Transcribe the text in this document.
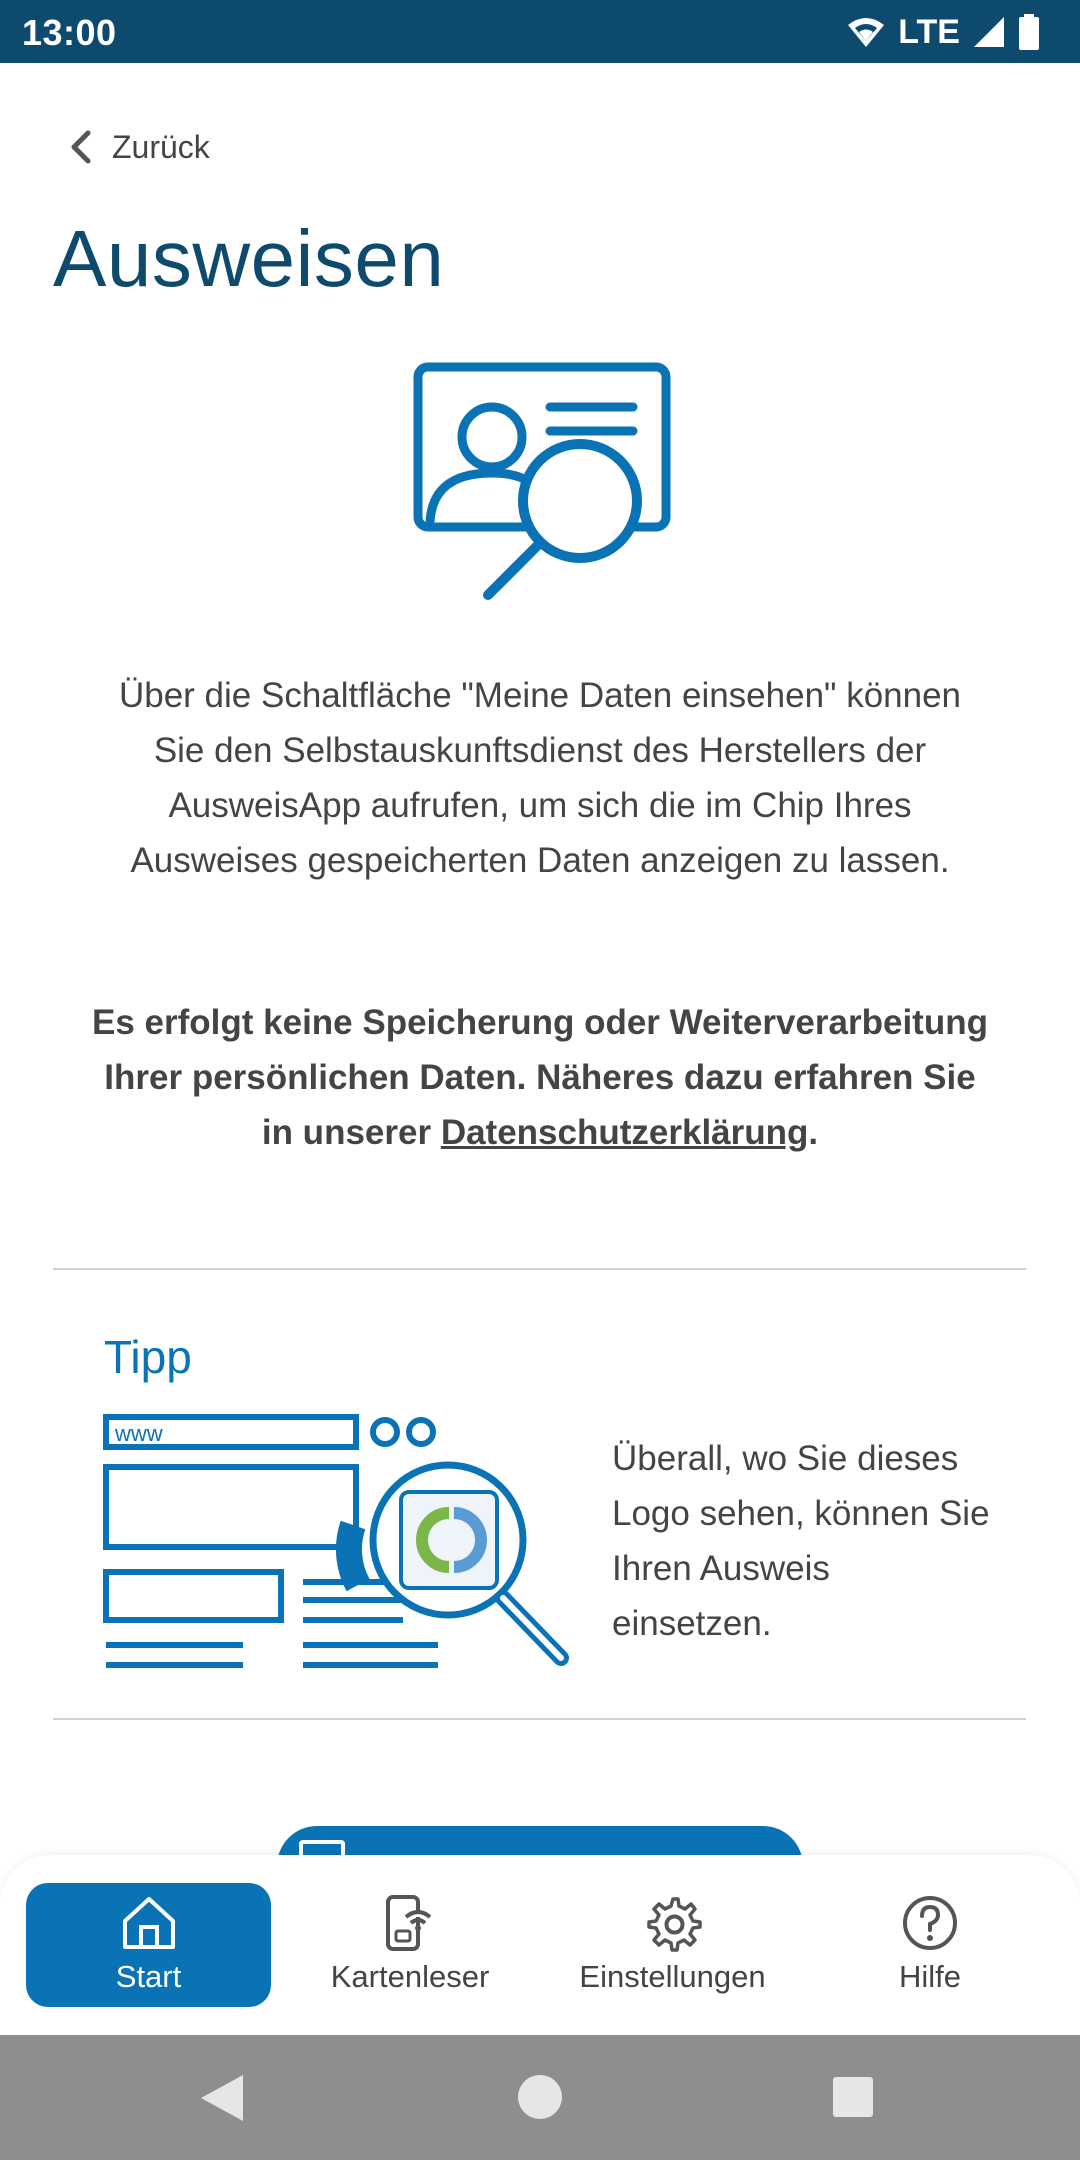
13:00	LTE
Zurück
Ausweisen

Über die Schaltfläche "Meine Daten einsehen" können Sie den Selbstauskunftsdienst des Herstellers der AusweisApp aufrufen, um sich die im Chip Ihres Ausweises gespeicherten Daten anzeigen zu lassen.

Es erfolgt keine Speicherung oder Weiterverarbeitung Ihrer persönlichen Daten. Näheres dazu erfahren Sie in unserer Datenschutzerklärung.

Tipp
www

Überall, wo Sie dieses Logo sehen, können Sie Ihren Ausweis einsetzen.

Start	Kartenleser	Einstellungen	Hilfe
